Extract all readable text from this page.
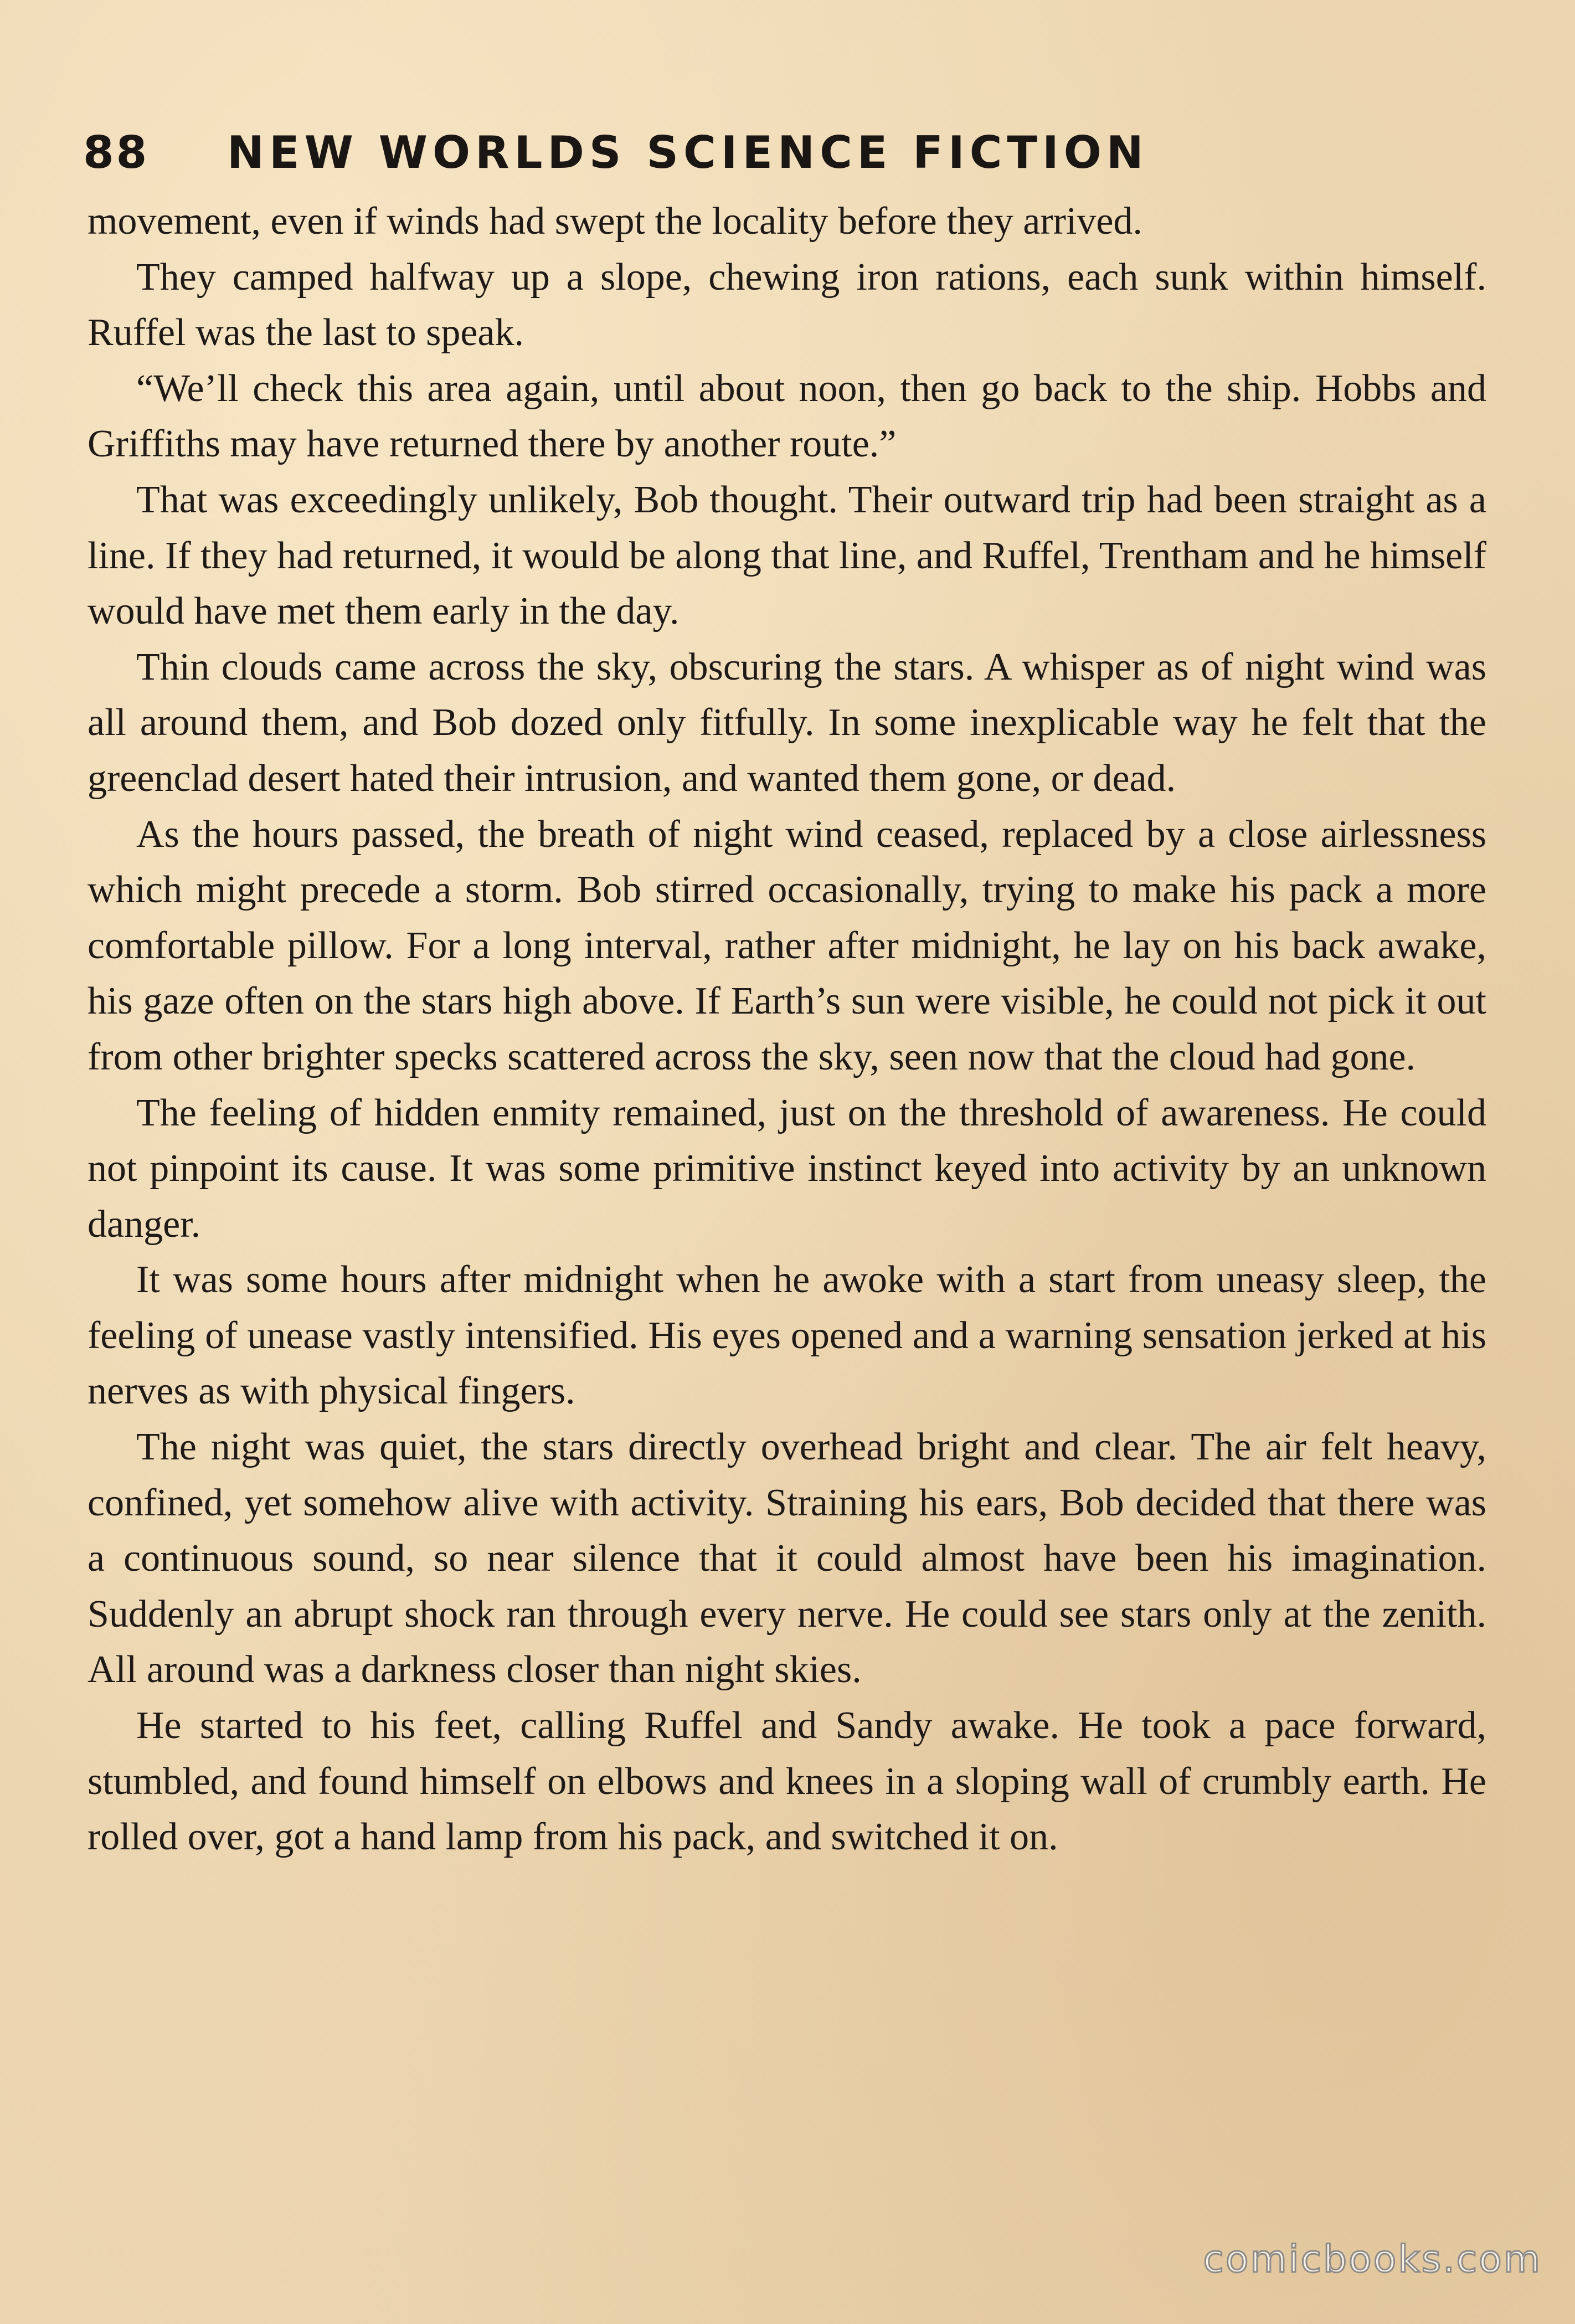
88	NEW WORLDS SCIENCE FICTION

movement, even if winds had swept the locality before they arrived.

They camped halfway up a slope, chewing iron rations, each sunk within himself. Ruffel was the last to speak.

“We’ll check this area again, until about noon, then go back to the ship. Hobbs and Griffiths may have returned there by another route.”

That was exceedingly unlikely, Bob thought. Their outward trip had been straight as a line. If they had returned, it would be along that line, and Ruffel, Trentham and he himself would have met them early in the day.

Thin clouds came across the sky, obscuring the stars. A whisper as of night wind was all around them, and Bob dozed only fitfully. In some inexplicable way he felt that the greenclad desert hated their intrusion, and wanted them gone, or dead.

As the hours passed, the breath of night wind ceased, replaced by a close airlessness which might precede a storm. Bob stirred occasionally, trying to make his pack a more comfortable pillow. For a long interval, rather after midnight, he lay on his back awake, his gaze often on the stars high above. If Earth’s sun were visible, he could not pick it out from other brighter specks scattered across the sky, seen now that the cloud had gone.

The feeling of hidden enmity remained, just on the threshold of awareness. He could not pinpoint its cause. It was some primitive instinct keyed into activity by an unknown danger.

It was some hours after midnight when he awoke with a start from uneasy sleep, the feeling of unease vastly intensified. His eyes opened and a warning sensation jerked at his nerves as with physical fingers.

The night was quiet, the stars directly overhead bright and clear. The air felt heavy, confined, yet somehow alive with activity. Straining his ears, Bob decided that there was a continuous sound, so near silence that it could almost have been his imagination. Suddenly an abrupt shock ran through every nerve. He could see stars only at the zenith. All around was a darkness closer than night skies.

He started to his feet, calling Ruffel and Sandy awake. He took a pace forward, stumbled, and found himself on elbows and knees in a sloping wall of crumbly earth. He rolled over, got a hand lamp from his pack, and switched it on.

comicbooks.com
